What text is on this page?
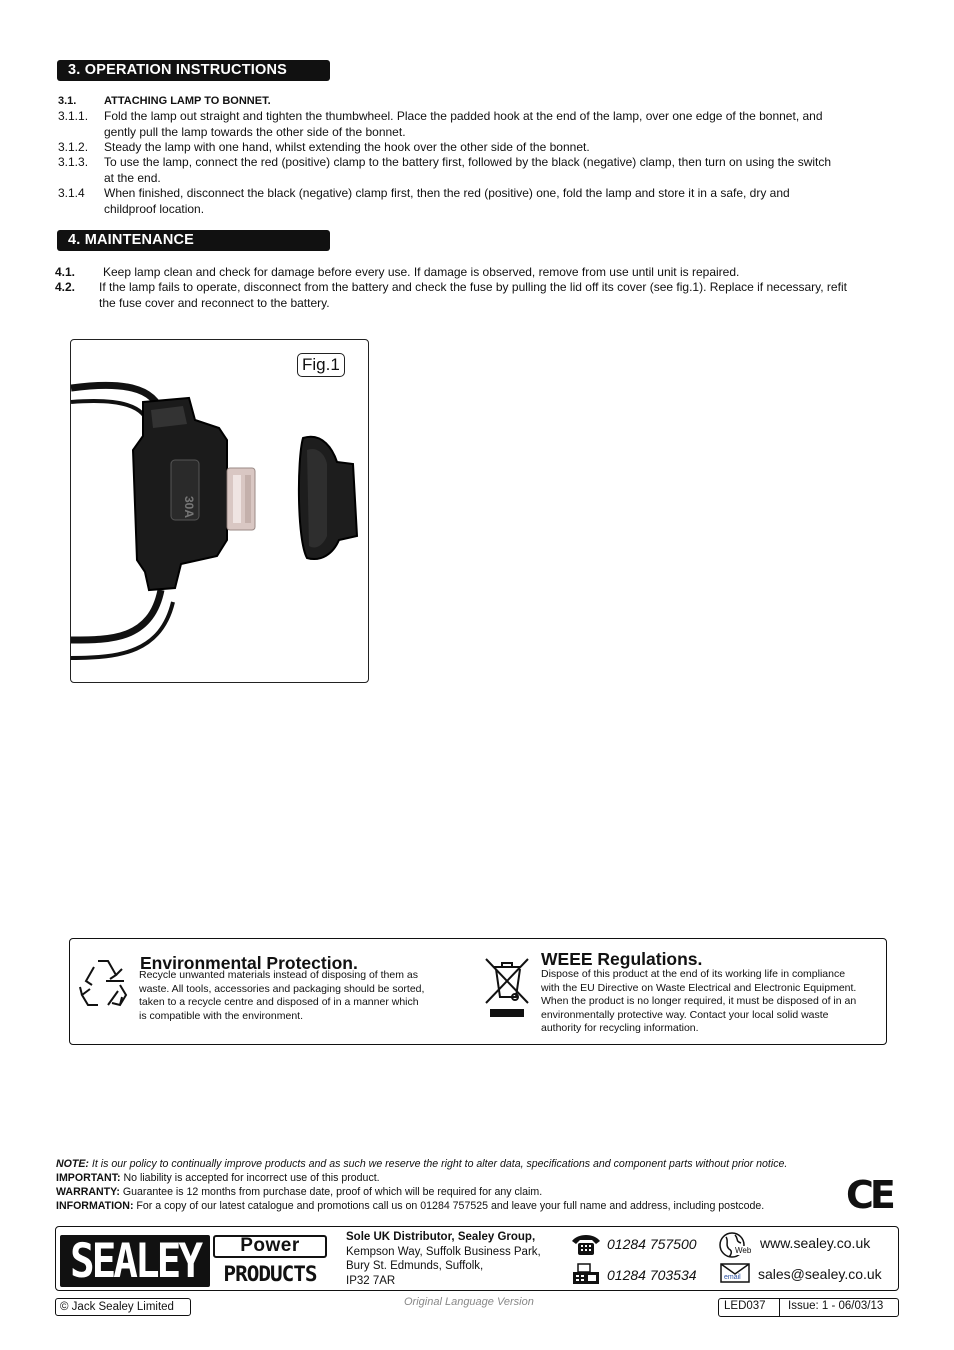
3. OPERATION INSTRUCTIONS
3.1.	ATTACHING LAMP TO BONNET.
3.1.1. Fold the lamp out straight and tighten the thumbwheel. Place the padded hook at the end of the lamp, over one edge of the bonnet, and
gently pull the lamp towards the other side of the bonnet.
3.1.2. Steady the lamp with one hand, whilst extending the hook over the other side of the bonnet.
3.1.3. To use the lamp, connect the red (positive) clamp to the battery first, followed by the black (negative) clamp, then turn on using the switch
at the end.
3.1.4 When finished, disconnect the black (negative) clamp first, then the red (positive) one, fold the lamp and store it in a safe, dry and
childproof location.
4. MAINTENANCE
4.1. Keep lamp clean and check for damage before every use. If damage is observed, remove from use until unit is repaired.
4.2. If the lamp fails to operate, disconnect from the battery and check the fuse by pulling the lid off its cover (see fig.1). Replace if necessary, refit
the fuse cover and reconnect to the battery.
30A
Fig.1
Environmental Protection.
Recycle unwanted materials instead of disposing of them as
waste. All tools, accessories and packaging should be sorted,
taken to a recycle centre and disposed of in a manner which
is compatible with the environment.
WEEE Regulations.
Dispose of this product at the end of its working life in compliance
with the EU Directive on Waste Electrical and Electronic Equipment.
When the product is no longer required, it must be disposed of in an
environmentally protective way. Contact your local solid waste
authority for recycling information.
NOTE: It is our policy to continually improve products and as such we reserve the right to alter data, specifications and component parts without prior notice.
IMPORTANT: No liability is accepted for incorrect use of this product.
WARRANTY: Guarantee is 12 months from purchase date, proof of which will be required for any claim.
INFORMATION: For a copy of our latest catalogue and promotions call us on 01284 757525 and leave your full name and address, including postcode.	CE
SEALEY	Power
PRODUCTS
Sole UK Distributor, Sealey Group,
Kempson Way, Suffolk Business Park,
Bury St. Edmunds, Suffolk,
IP32 7AR
01284 757500
01284 703534
Web www.sealey.co.uk
email sales@sealey.co.uk
© Jack Sealey Limited	Original Language Version	LED037 Issue: 1 - 06/03/13
